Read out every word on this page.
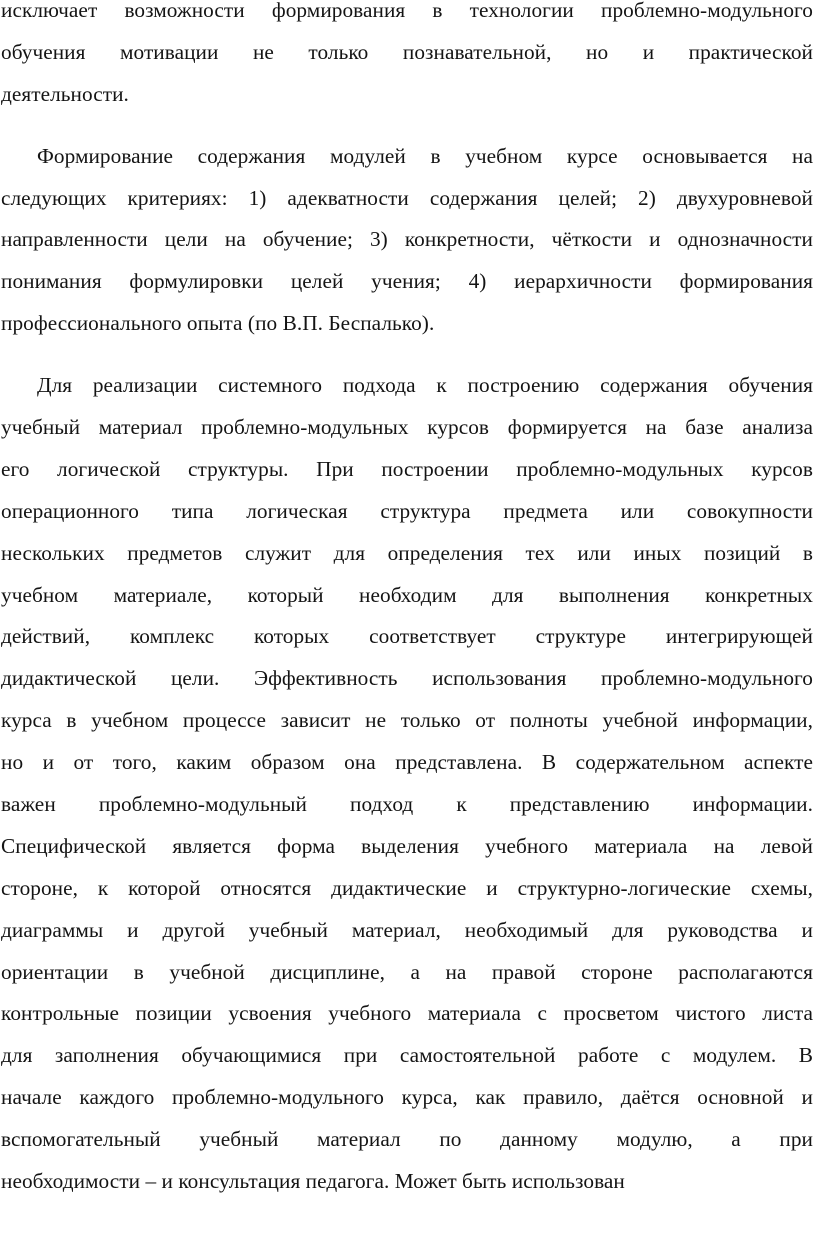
исключает возможности формирования в технологии проблемно-модульного
обучения мотивации не только познавательной, но и практической
деятельности.
Формирование содержания модулей в учебном курсе основывается на
следующих критериях: 1) адекватности содержания целей; 2) двухуровневой
направленности цели на обучение; 3) конкретности, чёткости и однозначности
понимания формулировки целей учения; 4) иерархичности формирования
профессионального опыта (по В.П. Беспалько).
Для реализации системного подхода к построению содержания обучения
учебный материал проблемно-модульных курсов формируется на базе анализа
его логической структуры. При построении проблемно-модульных курсов
операционного типа логическая структура предмета или совокупности
нескольких предметов служит для определения тех или иных позиций в
учебном материале, который необходим для выполнения конкретных
действий, комплекс которых соответствует структуре интегрирующей
дидактической цели. Эффективность использования проблемно-модульного
курса в учебном процессе зависит не только от полноты учебной информации,
но и от того, каким образом она представлена. В содержательном аспекте
важен проблемно-модульный подход к представлению информации.
Специфической является форма выделения учебного материала на левой
стороне, к которой относятся дидактические и структурно-логические схемы,
диаграммы и другой учебный материал, необходимый для руководства и
ориентации в учебной дисциплине, а на правой стороне располагаются
контрольные позиции усвоения учебного материала с просветом чистого листа
для заполнения обучающимися при самостоятельной работе с модулем. В
начале каждого проблемно-модульного курса, как правило, даётся основной и
вспомогательный учебный материал по данному модулю, а при
необходимости – и консультация педагога. Может быть использован
